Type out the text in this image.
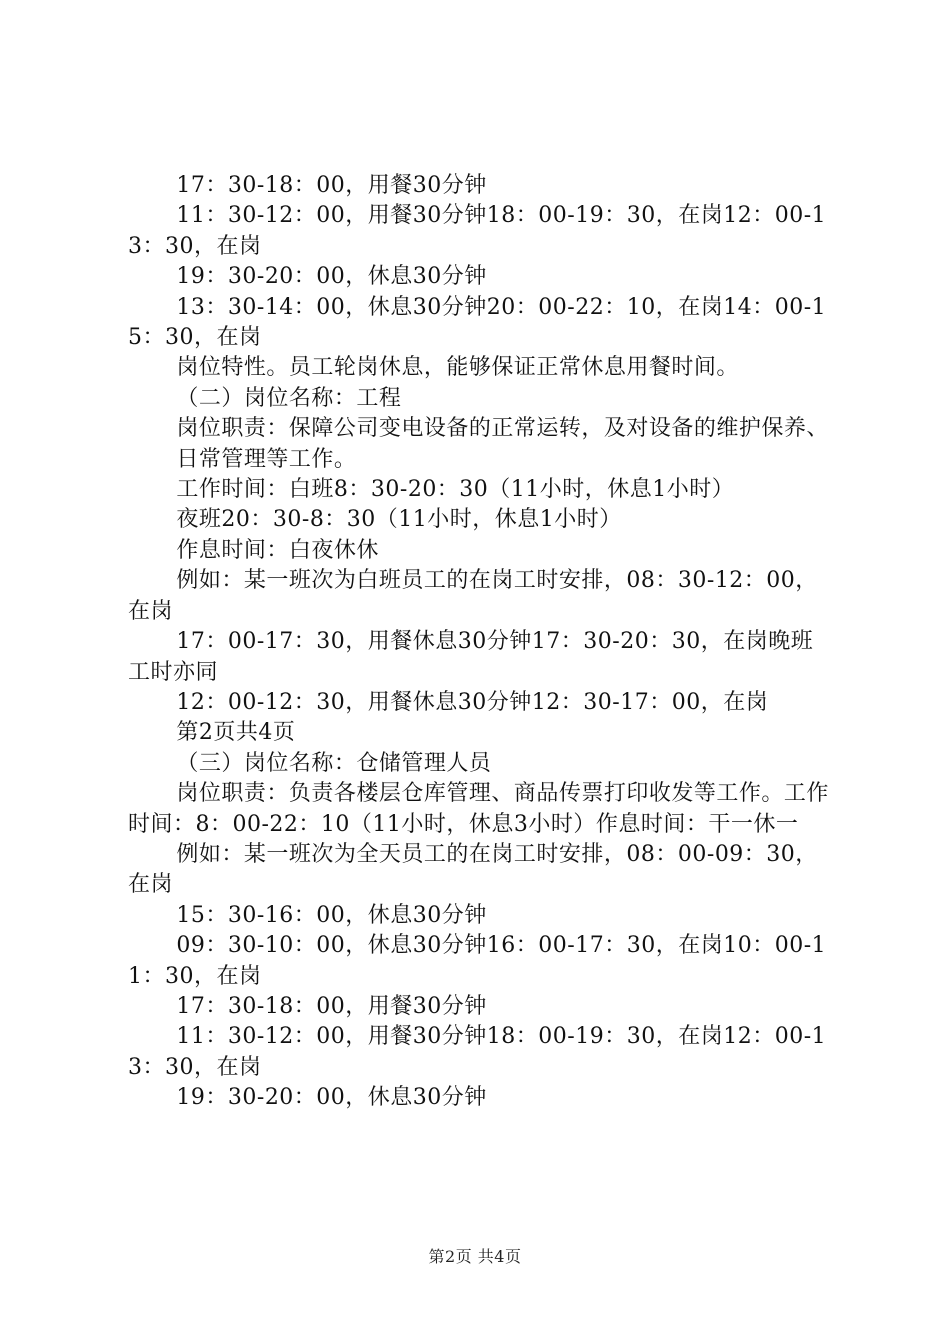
17：30-18：00，用餐30分钟

11：30-12：00，用餐30分钟18：00-19：30，在岗12：00-13：30，在岗

19：30-20：00，休息30分钟

13：30-14：00，休息30分钟20：00-22：10，在岗14：00-15：30，在岗

岗位特性。员工轮岗休息，能够保证正常休息用餐时间。

（二）岗位名称：工程

岗位职责：保障公司变电设备的正常运转，及对设备的维护保养、

日常管理等工作。

工作时间：白班8：30-20：30（11小时，休息1小时）

夜班20：30-8：30（11小时，休息1小时）

作息时间：白夜休休

例如：某一班次为白班员工的在岗工时安排，08：30-12：00，在岗

17：00-17：30，用餐休息30分钟17：30-20：30，在岗晚班工时亦同

12：00-12：30，用餐休息30分钟12：30-17：00，在岗

第2页共4页

（三）岗位名称：仓储管理人员

岗位职责：负责各楼层仓库管理、商品传票打印收发等工作。工作时间：8：00-22：10（11小时，休息3小时）作息时间：干一休一

例如：某一班次为全天员工的在岗工时安排，08：00-09：30，在岗

15：30-16：00，休息30分钟

09：30-10：00，休息30分钟16：00-17：30，在岗10：00-11：30，在岗

17：30-18：00，用餐30分钟

11：30-12：00，用餐30分钟18：00-19：30，在岗12：00-13：30，在岗

19：30-20：00，休息30分钟

第2页 共4页
